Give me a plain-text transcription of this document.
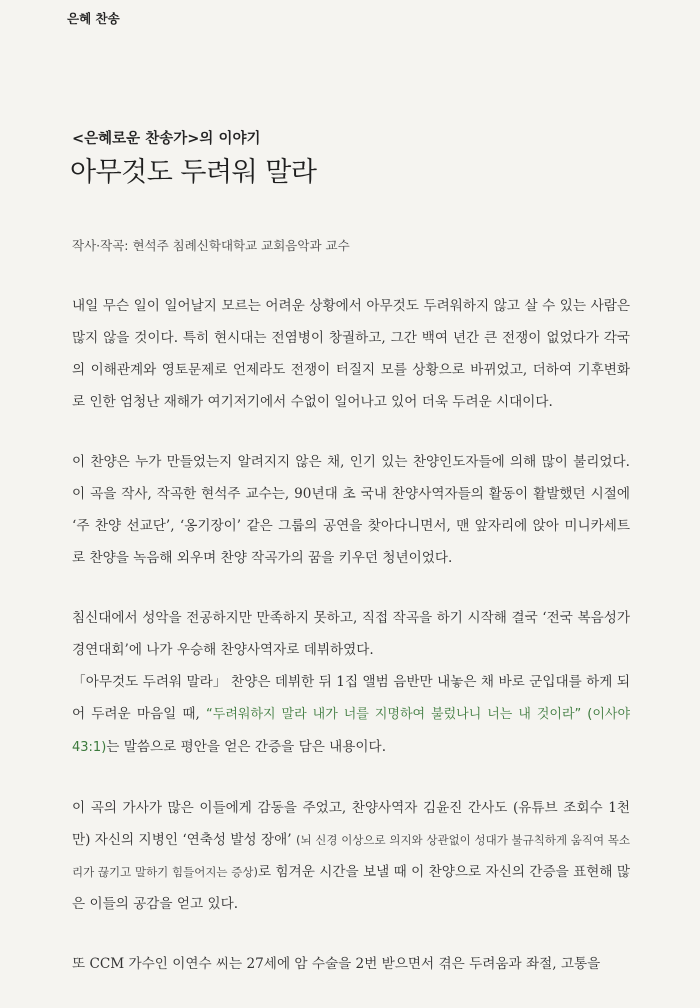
은혜 찬송
<은혜로운 찬송가>의 이야기
아무것도 두려워 말라
작사·작곡: 현석주 침례신학대학교 교회음악과 교수

내일 무슨 일이 일어날지 모르는 어려운 상황에서 아무것도 두려워하지 않고 살 수 있는 사람은 많지 않을 것이다. 특히 현시대는 전염병이 창궐하고, 그간 백여 년간 큰 전쟁이 없었다가 각국의 이해관계와 영토문제로 언제라도 전쟁이 터질지 모를 상황으로 바뀌었고, 더하여 기후변화로 인한 엄청난 재해가 여기저기에서 수없이 일어나고 있어 더욱 두려운 시대이다.

이 찬양은 누가 만들었는지 알려지지 않은 채, 인기 있는 찬양인도자들에 의해 많이 불리었다. 이 곡을 작사, 작곡한 현석주 교수는, 90년대 초 국내 찬양사역자들의 활동이 활발했던 시절에 ‘주 찬양 선교단’, ‘옹기장이’ 같은 그룹의 공연을 찾아다니면서, 맨 앞자리에 앉아 미니카세트로 찬양을 녹음해 외우며 찬양 작곡가의 꿈을 키우던 청년이었다.

침신대에서 성악을 전공하지만 만족하지 못하고, 직접 작곡을 하기 시작해 결국 ‘전국 복음성가 경연대회’에 나가 우승해 찬양사역자로 데뷔하였다.

「아무것도 두려워 말라」 찬양은 데뷔한 뒤 1집 앨범 음반만 내놓은 채 바로 군입대를 하게 되어 두려운 마음일 때, “두려워하지 말라 내가 너를 지명하여 불렀나니 너는 내 것이라” (이사야 43:1)는 말씀으로 평안을 얻은 간증을 담은 내용이다.

이 곡의 가사가 많은 이들에게 감동을 주었고, 찬양사역자 김윤진 간사도 (유튜브 조회수 1천만) 자신의 지병인 ‘연축성 발성 장애’ (뇌 신경 이상으로 의지와 상관없이 성대가 불규칙하게 움직여 목소리가 끊기고 말하기 힘들어지는 증상)로 힘겨운 시간을 보낼 때 이 찬양으로 자신의 간증을 표현해 많은 이들의 공감을 얻고 있다.

또 CCM 가수인 이연수 씨는 27세에 암 수술을 2번 받으면서 겪은 두려움과 좌절, 고통을
